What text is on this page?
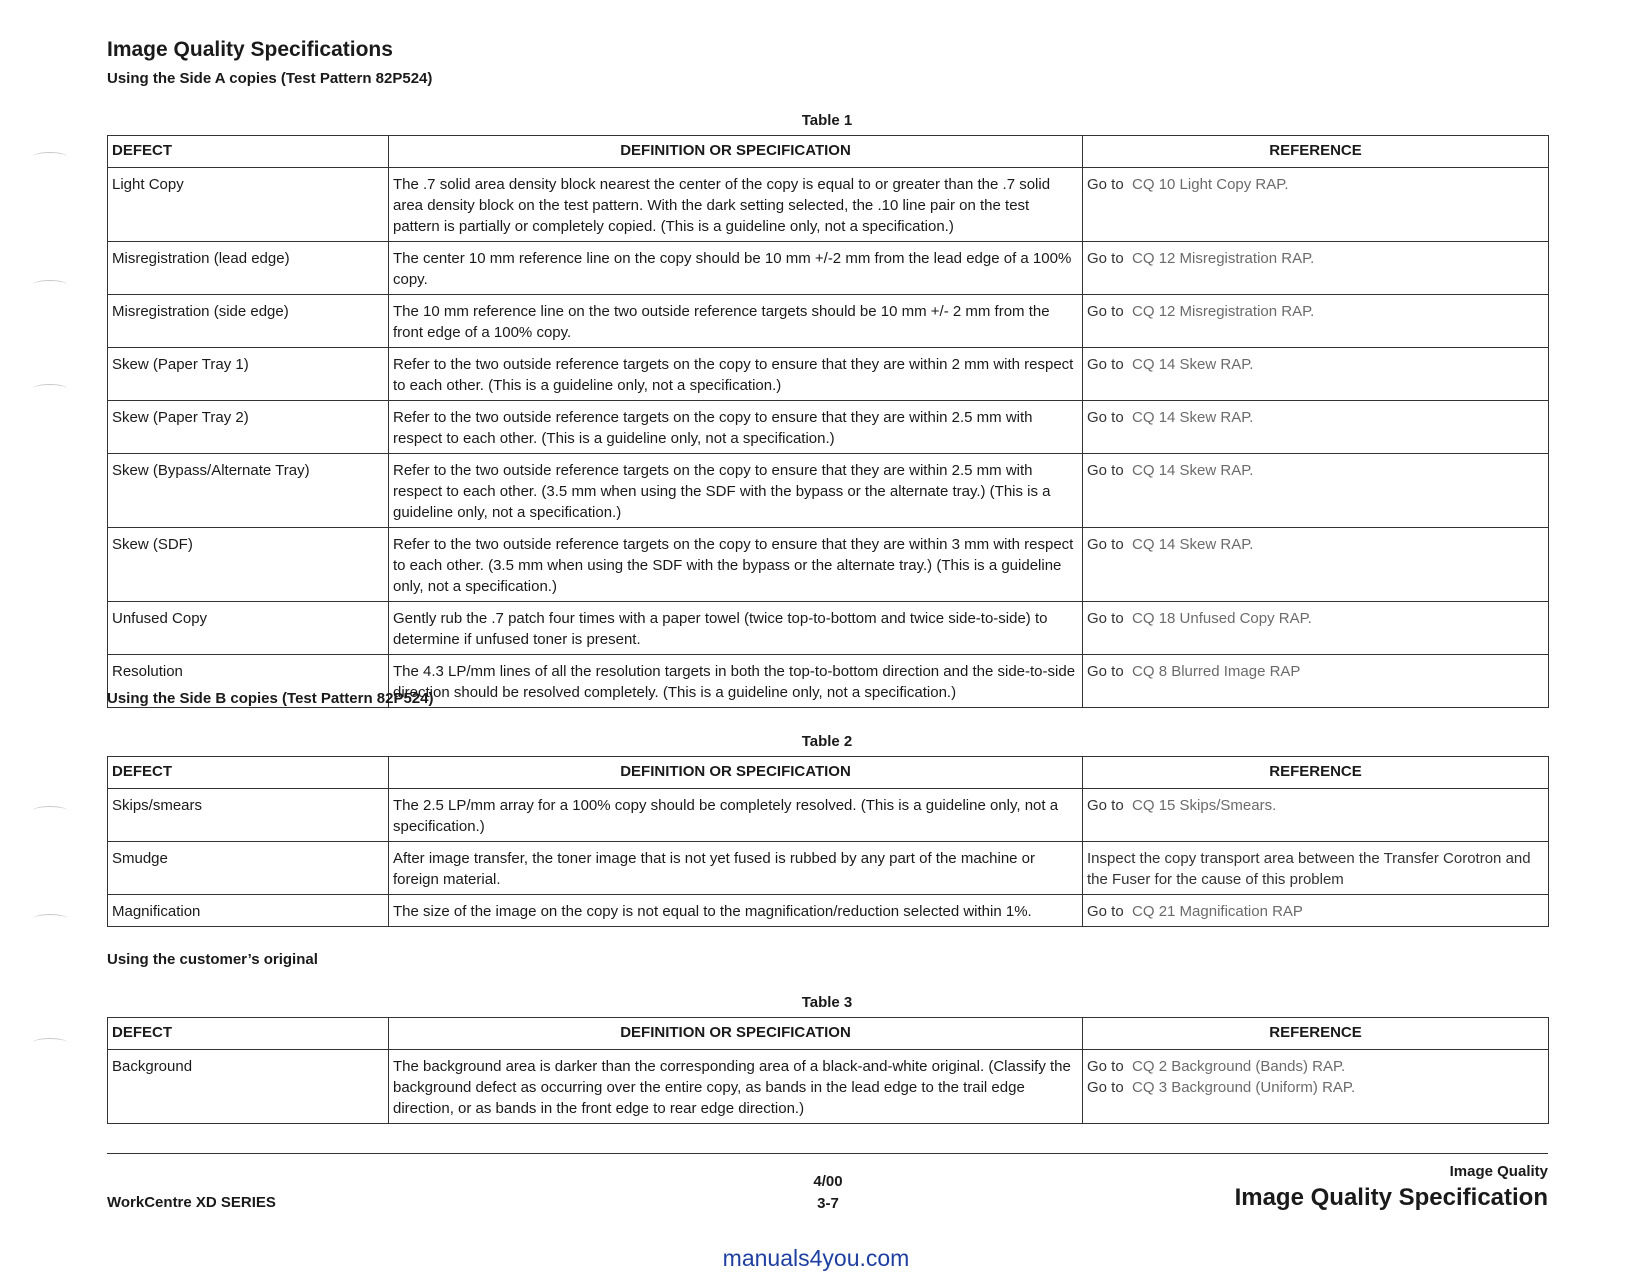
Image Quality Specifications
Using the Side A copies (Test Pattern 82P524)
Table 1
DEFECT	DEFINITION OR SPECIFICATION	REFERENCE
Light Copy	The .7 solid area density block nearest the center of the copy is equal to or greater than the .7 solid area density block on the test pattern. With the dark setting selected, the .10 line pair on the test pattern is partially or completely copied. (This is a guideline only, not a specification.)	Go to CQ 10 Light Copy RAP.

Misregistration (lead edge)	The center 10 mm reference line on the copy should be 10 mm +/-2 mm from the lead edge of a 100% copy.	Go to CQ 12 Misregistration RAP.

Misregistration (side edge)	The 10 mm reference line on the two outside reference targets should be 10 mm +/- 2 mm from the front edge of a 100% copy.	Go to CQ 12 Misregistration RAP.

Skew (Paper Tray 1)	Refer to the two outside reference targets on the copy to ensure that they are within 2 mm with respect to each other. (This is a guideline only, not a specification.)	Go to CQ 14 Skew RAP.

Skew (Paper Tray 2)	Refer to the two outside reference targets on the copy to ensure that they are within 2.5 mm with respect to each other. (This is a guideline only, not a specification.)	Go to CQ 14 Skew RAP.

Skew (Bypass/Alternate Tray)	Refer to the two outside reference targets on the copy to ensure that they are within 2.5 mm with respect to each other. (3.5 mm when using the SDF with the bypass or the alternate tray.) (This is a guideline only, not a specification.)	Go to CQ 14 Skew RAP.

Skew (SDF)	Refer to the two outside reference targets on the copy to ensure that they are within 3 mm with respect to each other. (3.5 mm when using the SDF with the bypass or the alternate tray.) (This is a guideline only, not a specification.)	Go to CQ 14 Skew RAP.

Unfused Copy	Gently rub the .7 patch four times with a paper towel (twice top-to-bottom and twice side-to-side) to determine if unfused toner is present.	Go to CQ 18 Unfused Copy RAP.

Resolution	The 4.3 LP/mm lines of all the resolution targets in both the top-to-bottom direction and the side-to-side direction should be resolved completely. (This is a guideline only, not a specification.)	Go to CQ 8 Blurred Image RAP
Using the Side B copies (Test Pattern 82P524)
Table 2
DEFECT	DEFINITION OR SPECIFICATION	REFERENCE
Skips/smears	The 2.5 LP/mm array for a 100% copy should be completely resolved. (This is a guideline only, not a specification.)	Go to CQ 15 Skips/Smears.

Smudge	After image transfer, the toner image that is not yet fused is rubbed by any part of the machine or foreign material.	Inspect the copy transport area between the Transfer Corotron and the Fuser for the cause of this problem

Magnification	The size of the image on the copy is not equal to the magnification/reduction selected within 1%.	Go to CQ 21 Magnification RAP
Using the customer’s original
Table 3
DEFECT	DEFINITION OR SPECIFICATION	REFERENCE
Background	The background area is darker than the corresponding area of a black-and-white original. (Classify the background defect as occurring over the entire copy, as bands in the lead edge to the trail edge direction, or as bands in the front edge to rear edge direction.)	Go to CQ 2 Background (Bands) RAP.
Go to CQ 3 Background (Uniform) RAP.
WorkCentre XD SERIES
4/00
3-7
Image Quality
Image Quality Specification
manuals4you.com
